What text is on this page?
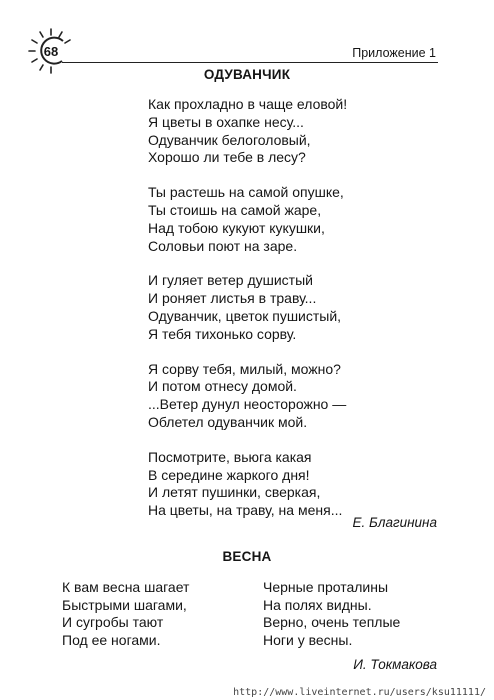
68	Приложение 1
ОДУВАНЧИК
Как прохладно в чаще еловой!
Я цветы в охапке несу...
Одуванчик белоголовый,
Хорошо ли тебе в лесу?
Ты растешь на самой опушке,
Ты стоишь на самой жаре,
Над тобою кукуют кукушки,
Соловьи поют на заре.
И гуляет ветер душистый
И роняет листья в траву...
Одуванчик, цветок пушистый,
Я тебя тихонько сорву.
Я сорву тебя, милый, можно?
И потом отнесу домой.
...Ветер дунул неосторожно —
Облетел одуванчик мой.
Посмотрите, вьюга какая
В середине жаркого дня!
И летят пушинки, сверкая,
На цветы, на траву, на меня...
Е. Благинина
ВЕСНА
К вам весна шагает
Быстрыми шагами,
И сугробы тают
Под ее ногами.
Черные проталины
На полях видны.
Верно, очень теплые
Ноги у весны.
И. Токмакова
http://www.liveinternet.ru/users/ksu11111/
